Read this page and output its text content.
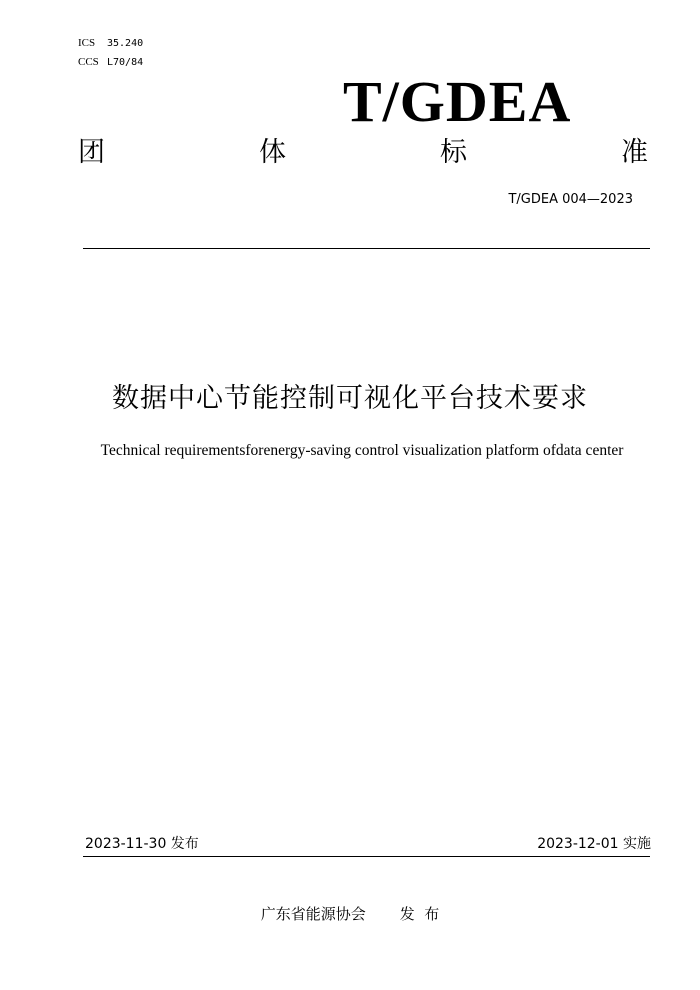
ICS 35.240
CCS L70/84
T/GDEA
团	体	标	准
T/GDEA 004—2023
数据中心节能控制可视化平台技术要求
Technical requirementsforenergy-saving control visualization platform ofdata center
2023-11-30 发布	2023-12-01 实施
广东省能源协会 发  布
